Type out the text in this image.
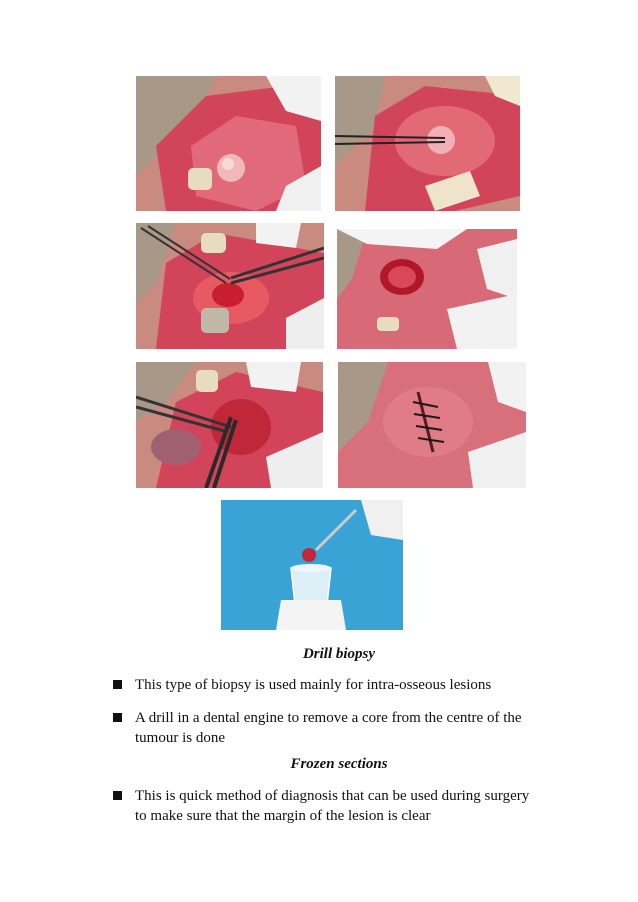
Drill biopsy
This type of biopsy is used mainly for intra-osseous lesions
A drill in a dental engine to remove a core from the centre of the tumour is done
Frozen sections
This is quick method of diagnosis that can be used during surgery to make sure that the margin of the lesion is clear
